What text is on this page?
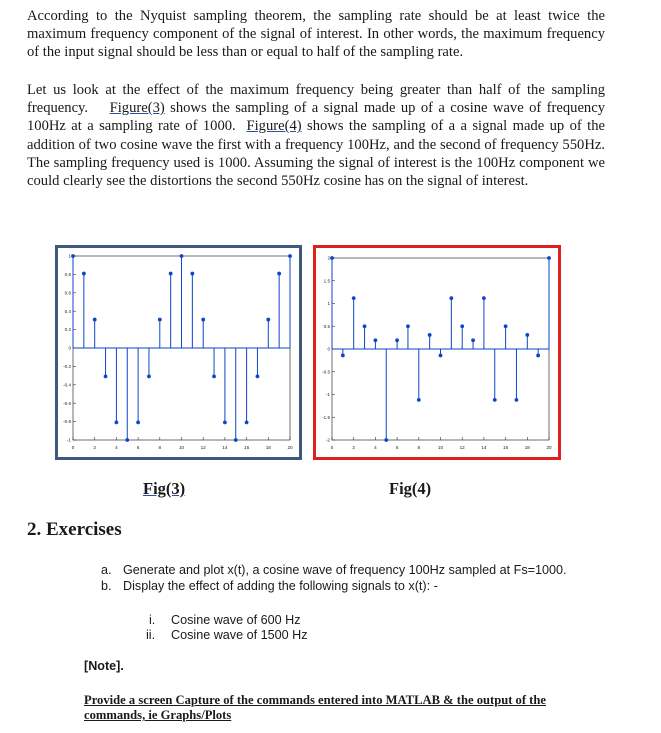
According to the Nyquist sampling theorem, the sampling rate should be at least twice the maximum frequency component of the signal of interest. In other words, the maximum frequency of the input signal should be less than or equal to half of the sampling rate.
Let us look at the effect of the maximum frequency being greater than half of the sampling frequency.    Figure(3) shows the sampling of a signal made up of a cosine wave of frequency 100Hz at a sampling rate of 1000.  Figure(4) shows the sampling of a a signal made up of the addition of two cosine wave the first with a frequency 100Hz, and the second of frequency 550Hz. The sampling frequency used is 1000. Assuming the signal of interest is the 100Hz component we could clearly see the distortions the second 550Hz cosine has on the signal of interest.
0	2	4	6	8	10	12	14	16	18	20
-1
-0.8
-0.6
-0.4
-0.2
0
0.2
0.4
0.6
0.8
1
0	2	4	6	8	10	12	14	16	18	20
-2
-1.5
-1
-0.5
0
0.5
1
1.5
2
Fig(3)	Fig(4)
2. Exercises
a. Generate and plot x(t), a cosine wave of frequency 100Hz sampled at Fs=1000.
b. Display the effect of adding the following signals to x(t): -
i. Cosine wave of 600 Hz
ii. Cosine wave of 1500 Hz
[Note].
Provide a screen Capture of the commands entered into MATLAB & the output of the commands, ie Graphs/Plots
